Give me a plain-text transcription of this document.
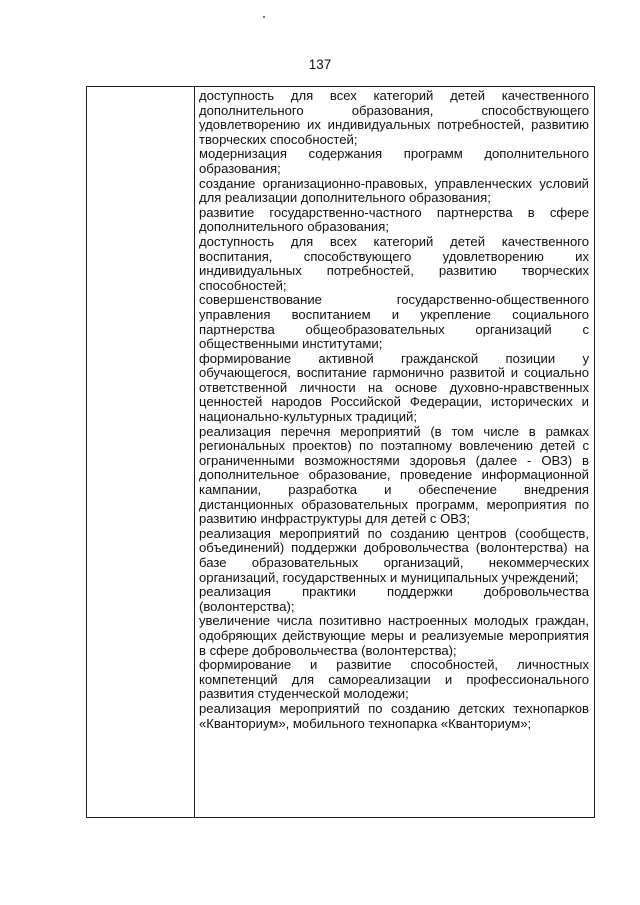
137

доступность для всех категорий детей качественного дополнительного образования, способствующего удовлетворению их индивидуальных потребностей, развитию творческих способностей;

модернизация содержания программ дополнительного образования;

создание организационно-правовых, управленческих условий для реализации дополнительного образования;

развитие государственно-частного партнерства в сфере дополнительного образования;

доступность для всех категорий детей качественного воспитания, способствующего удовлетворению их индивидуальных потребностей, развитию творческих способностей;

совершенствование государственно-общественного управления воспитанием и укрепление социального партнерства общеобразовательных организаций с общественными институтами;

формирование активной гражданской позиции у обучающегося, воспитание гармонично развитой и социально ответственной личности на основе духовно-нравственных ценностей народов Российской Федерации, исторических и национально-культурных традиций;

реализация перечня мероприятий (в том числе в рамках региональных проектов) по поэтапному вовлечению детей с ограниченными возможностями здоровья (далее - ОВЗ) в дополнительное образование, проведение информационной кампании, разработка и обеспечение внедрения дистанционных образовательных программ, мероприятия по развитию инфраструктуры для детей с ОВЗ;

реализация мероприятий по созданию центров (сообществ, объединений) поддержки добровольчества (волонтерства) на базе образовательных организаций, некоммерческих организаций, государственных и муниципальных учреждений;

реализация практики поддержки добровольчества (волонтерства);

увеличение числа позитивно настроенных молодых граждан, одобряющих действующие меры и реализуемые мероприятия в сфере добровольчества (волонтерства);

формирование и развитие способностей, личностных компетенций для самореализации и профессионального развития студенческой молодежи;

реализация мероприятий по созданию детских технопарков «Кванториум», мобильного технопарка «Кванториум»;
